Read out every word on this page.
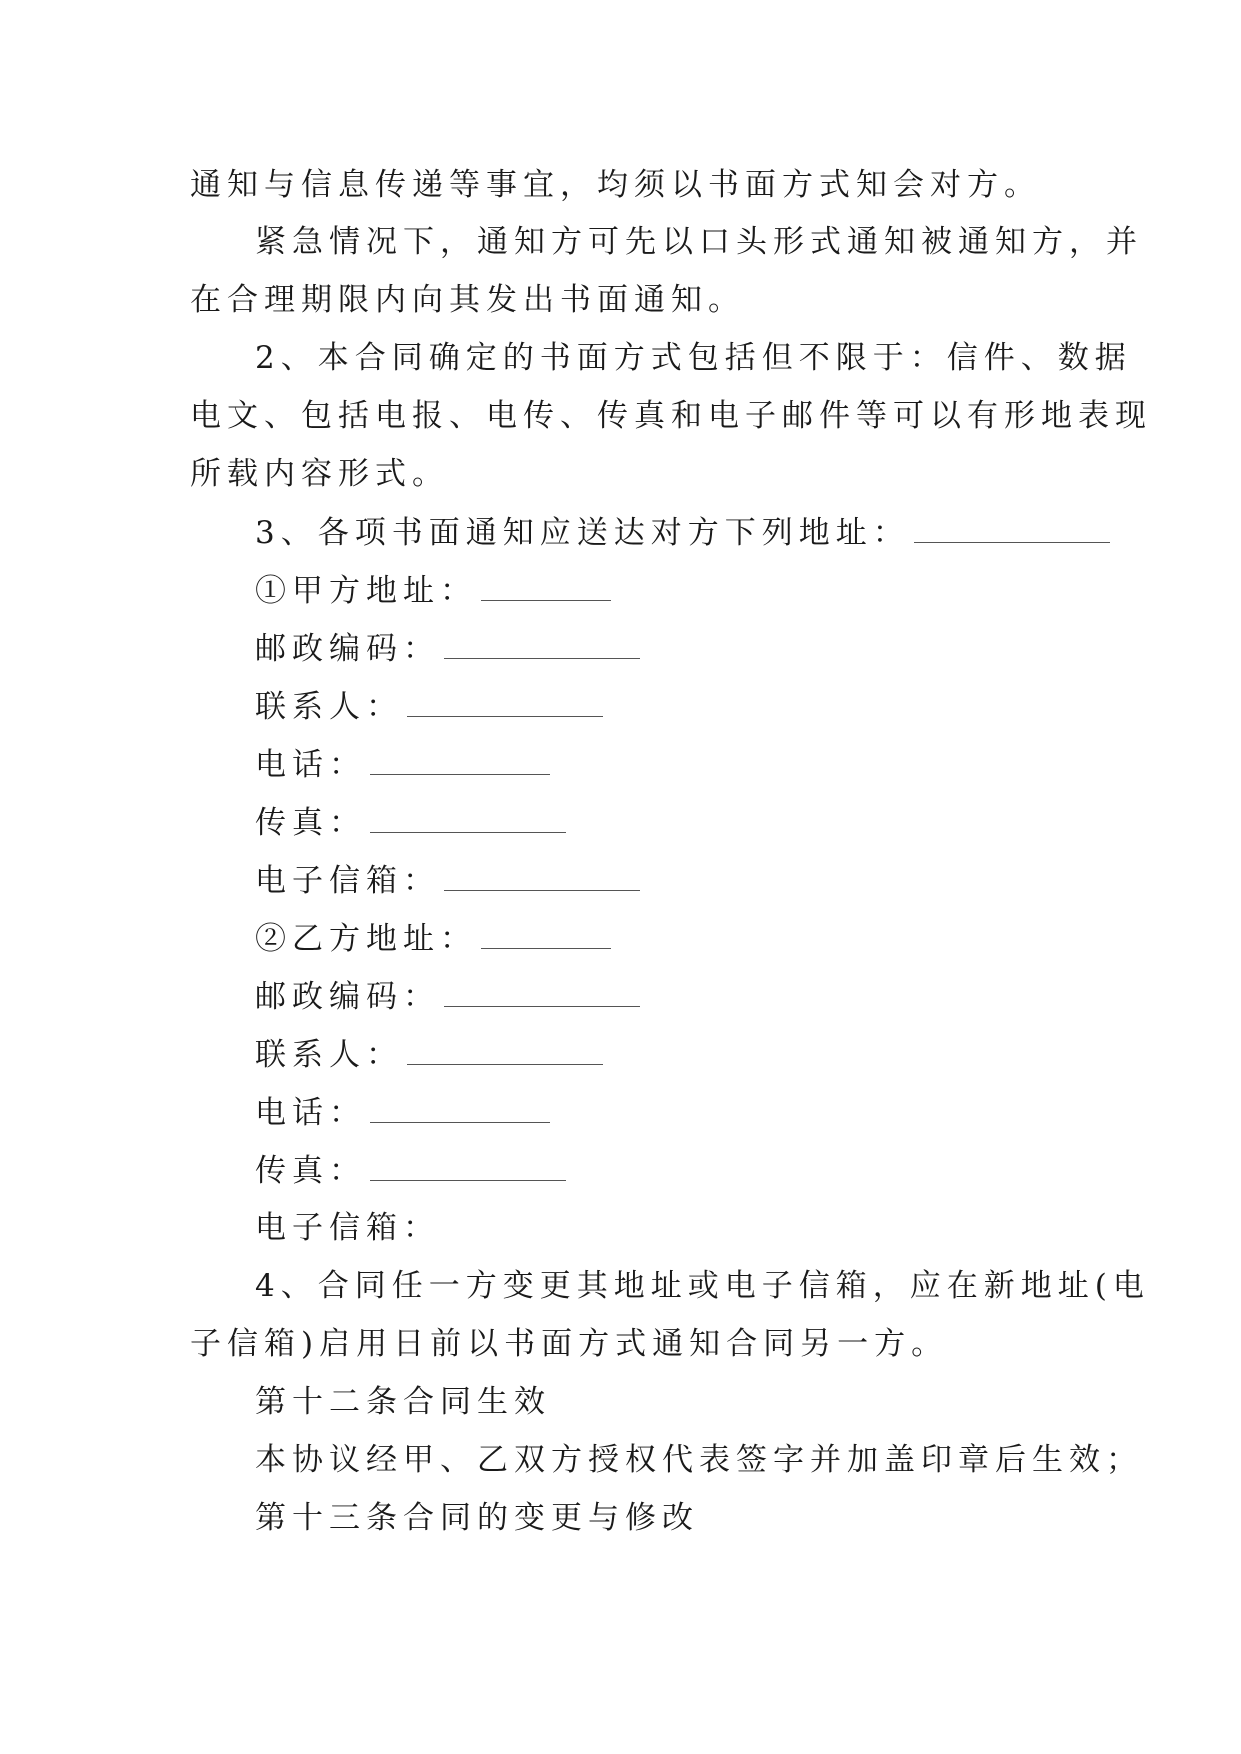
通知与信息传递等事宜，均须以书面方式知会对方。
紧急情况下，通知方可先以口头形式通知被通知方，并
在合理期限内向其发出书面通知。
2、本合同确定的书面方式包括但不限于：信件、数据
电文、包括电报、电传、传真和电子邮件等可以有形地表现
所载内容形式。
3、各项书面通知应送达对方下列地址：
①甲方地址：
邮政编码：
联系人：
电话：
传真：
电子信箱：
②乙方地址：
邮政编码：
联系人：
电话：
传真：
电子信箱：
4、合同任一方变更其地址或电子信箱，应在新地址(电
子信箱)启用日前以书面方式通知合同另一方。
第十二条合同生效
本协议经甲、乙双方授权代表签字并加盖印章后生效；
第十三条合同的变更与修改
